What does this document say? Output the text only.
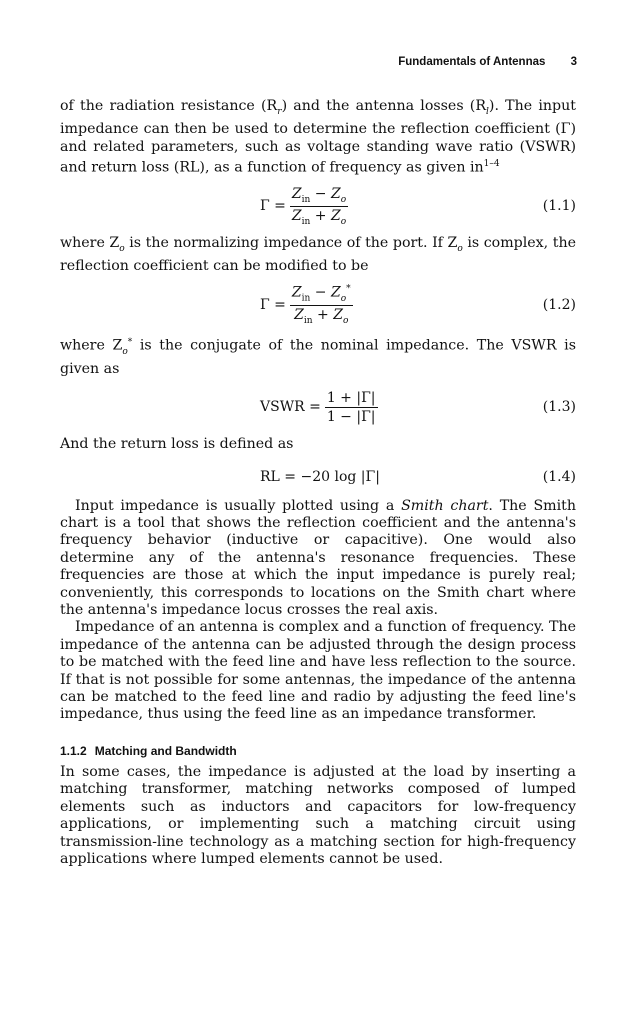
Fundamentals of Antennas 3

of the radiation resistance $(R_r)$ and the antenna losses $(R_l)$. The input impedance can then be used to determine the reflection coefficient (Γ) and related parameters, such as voltage standing wave ratio (VSWR) and return loss (RL), as a function of frequency as given $in^{1-4}$

$\Gamma = \frac{Z_{in} - Z_o}{Z_{in} + Z_o}$	(1.1)

where $Z_o$ is the normalizing impedance of the port. If $Z_o$ is complex, the reflection coefficient can be modified to be

$\Gamma = \frac{Z_{in} - Z_o^*}{Z_{in} + Z_o}$	(1.2)

where $Z_o^*$ is the conjugate of the nominal impedance. The VSWR is given as

VSWR = $\frac{1 + |\Gamma|}{1 - |\Gamma|}$	(1.3)

And the return loss is defined as

RL = −20 log |Γ|	(1.4)

Input impedance is usually plotted using a Smith chart. The Smith chart is a tool that shows the reflection coefficient and the antenna's frequency behavior (inductive or capacitive). One would also determine any of the antenna's resonance frequencies. These frequencies are those at which the input impedance is purely real; conveniently, this corresponds to locations on the Smith chart where the antenna's impedance locus crosses the real axis.

Impedance of an antenna is complex and a function of frequency. The impedance of the antenna can be adjusted through the design process to be matched with the feed line and have less reflection to the source. If that is not possible for some antennas, the impedance of the antenna can be matched to the feed line and radio by adjusting the feed line's impedance, thus using the feed line as an impedance transformer.

1.1.2 Matching and Bandwidth

In some cases, the impedance is adjusted at the load by inserting a matching transformer, matching networks composed of lumped elements such as inductors and capacitors for low-frequency applications, or implementing such a matching circuit using transmission-line technology as a matching section for high-frequency applications where lumped elements cannot be used.
